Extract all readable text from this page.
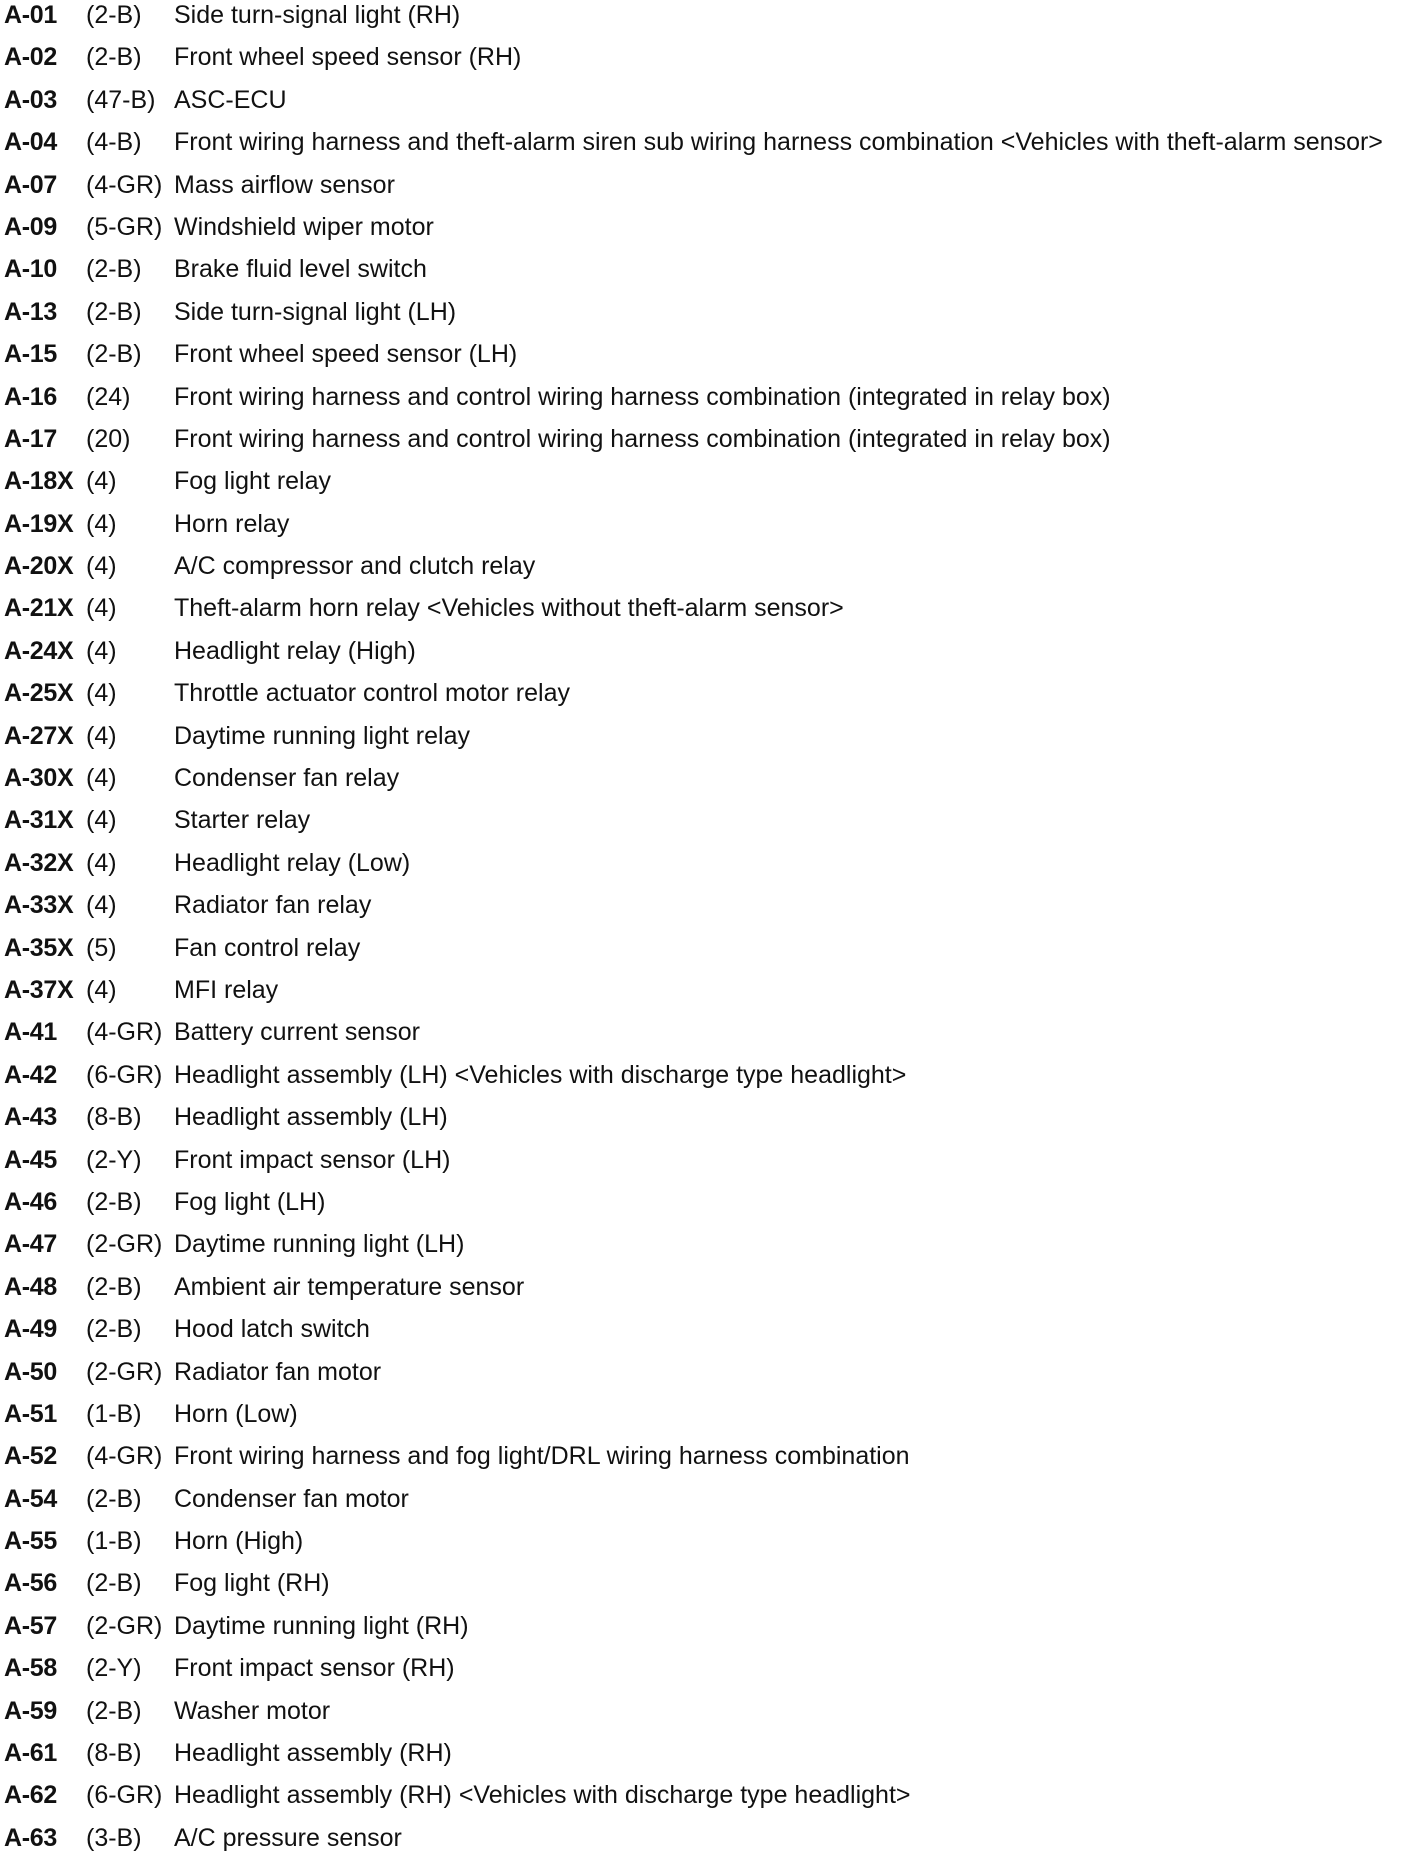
A-01 (2-B) Side turn-signal light (RH)
A-02 (2-B) Front wheel speed sensor (RH)
A-03 (47-B) ASC-ECU
A-04 (4-B) Front wiring harness and theft-alarm siren sub wiring harness combination <Vehicles with theft-alarm sensor>
A-07 (4-GR) Mass airflow sensor
A-09 (5-GR) Windshield wiper motor
A-10 (2-B) Brake fluid level switch
A-13 (2-B) Side turn-signal light (LH)
A-15 (2-B) Front wheel speed sensor (LH)
A-16 (24) Front wiring harness and control wiring harness combination (integrated in relay box)
A-17 (20) Front wiring harness and control wiring harness combination (integrated in relay box)
A-18X (4) Fog light relay
A-19X (4) Horn relay
A-20X (4) A/C compressor and clutch relay
A-21X (4) Theft-alarm horn relay <Vehicles without theft-alarm sensor>
A-24X (4) Headlight relay (High)
A-25X (4) Throttle actuator control motor relay
A-27X (4) Daytime running light relay
A-30X (4) Condenser fan relay
A-31X (4) Starter relay
A-32X (4) Headlight relay (Low)
A-33X (4) Radiator fan relay
A-35X (5) Fan control relay
A-37X (4) MFI relay
A-41 (4-GR) Battery current sensor
A-42 (6-GR) Headlight assembly (LH) <Vehicles with discharge type headlight>
A-43 (8-B) Headlight assembly (LH)
A-45 (2-Y) Front impact sensor (LH)
A-46 (2-B) Fog light (LH)
A-47 (2-GR) Daytime running light (LH)
A-48 (2-B) Ambient air temperature sensor
A-49 (2-B) Hood latch switch
A-50 (2-GR) Radiator fan motor
A-51 (1-B) Horn (Low)
A-52 (4-GR) Front wiring harness and fog light/DRL wiring harness combination
A-54 (2-B) Condenser fan motor
A-55 (1-B) Horn (High)
A-56 (2-B) Fog light (RH)
A-57 (2-GR) Daytime running light (RH)
A-58 (2-Y) Front impact sensor (RH)
A-59 (2-B) Washer motor
A-61 (8-B) Headlight assembly (RH)
A-62 (6-GR) Headlight assembly (RH) <Vehicles with discharge type headlight>
A-63 (3-B) A/C pressure sensor
